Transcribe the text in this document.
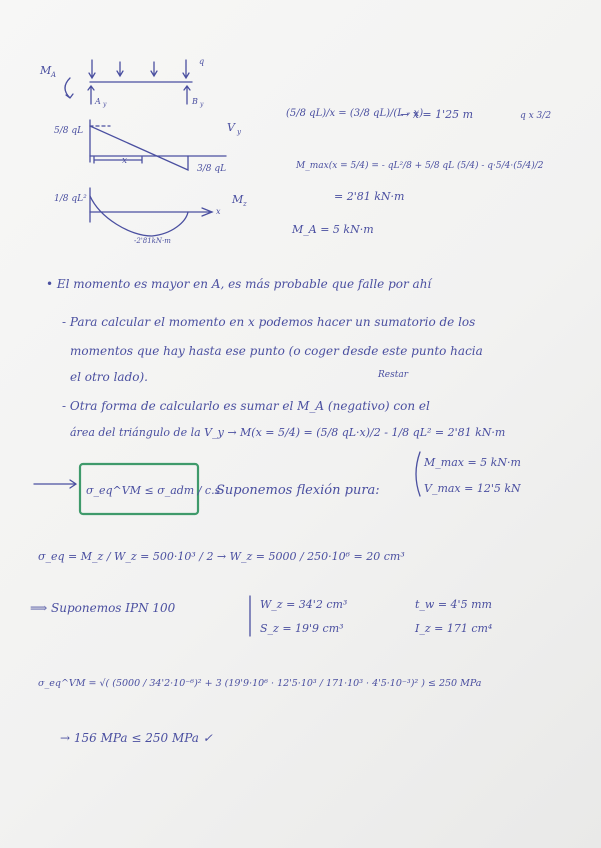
M A
q
A y	B y
5/8 qL
x
3/8 qL
V y
1/8 qL²
x
-2'81kN·m
M z
(5/8 qL)/x = (3/8 qL)/(L - x)
→ x = 1'25 m	q x 3/2
M_max(x = 5/4) = - qL²/8 + 5/8 qL (5/4) - q·5/4·(5/4)/2
= 2'81 kN·m
M_A = 5 kN·m
• El momento es mayor en A, es más probable que falle por ahí
- Para calcular el momento en x podemos hacer un sumatorio de los
momentos que hay hasta ese punto (o coger desde este punto hacia
el otro lado).	Restar
- Otra forma de calcularlo es sumar el M_A (negativo) con el
área del triángulo de la V_y → M(x = 5/4) = (5/8 qL·x)/2 - 1/8 qL² = 2'81 kN·m
σ_eq^VM ≤ σ_adm / c.s
Suponemos flexión pura:
M_max = 5 kN·m
V_max = 12'5 kN
σ_eq = M_z / W_z = 500·10³ / 2 → W_z = 5000 / 250·10⁶ = 20 cm³
⟹ Suponemos IPN 100	W_z = 34'2 cm³
S_z = 19'9 cm³
t_w = 4'5 mm
I_z = 171 cm⁴
σ_eq^VM = √( (5000 / 34'2·10⁻⁶)² + 3 (19'9·10⁶ · 12'5·10³ / 171·10³ · 4'5·10⁻³)² ) ≤ 250 MPa
→ 156 MPa ≤ 250 MPa ✓
